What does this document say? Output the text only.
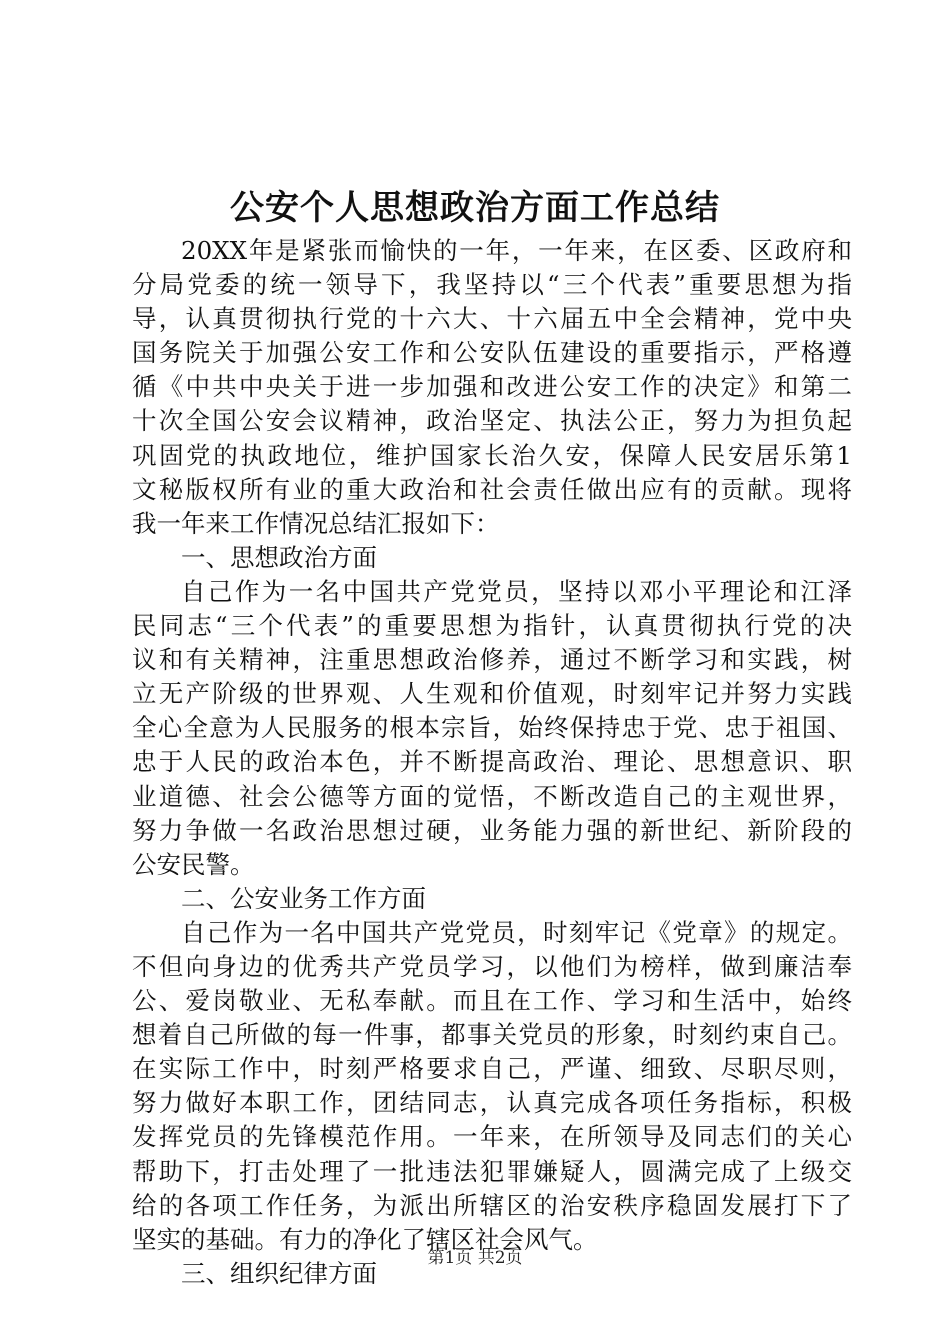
公安个人思想政治方面工作总结
20XX年是紧张而愉快的一年，一年来，在区委、区政府和
分局党委的统一领导下，我坚持以“三个代表”重要思想为指
导，认真贯彻执行党的十六大、十六届五中全会精神，党中央
国务院关于加强公安工作和公安队伍建设的重要指示，严格遵
循《中共中央关于进一步加强和改进公安工作的决定》和第二
十次全国公安会议精神，政治坚定、执法公正，努力为担负起
巩固党的执政地位，维护国家长治久安，保障人民安居乐第1
文秘版权所有业的重大政治和社会责任做出应有的贡献。现将
我一年来工作情况总结汇报如下：
一、思想政治方面
自己作为一名中国共产党党员，坚持以邓小平理论和江泽
民同志“三个代表”的重要思想为指针，认真贯彻执行党的决
议和有关精神，注重思想政治修养，通过不断学习和实践，树
立无产阶级的世界观、人生观和价值观，时刻牢记并努力实践
全心全意为人民服务的根本宗旨，始终保持忠于党、忠于祖国、
忠于人民的政治本色，并不断提高政治、理论、思想意识、职
业道德、社会公德等方面的觉悟，不断改造自己的主观世界，
努力争做一名政治思想过硬，业务能力强的新世纪、新阶段的
公安民警。
二、公安业务工作方面
自己作为一名中国共产党党员，时刻牢记《党章》的规定。
不但向身边的优秀共产党员学习，以他们为榜样，做到廉洁奉
公、爱岗敬业、无私奉献。而且在工作、学习和生活中，始终
想着自己所做的每一件事，都事关党员的形象，时刻约束自己。
在实际工作中，时刻严格要求自己，严谨、细致、尽职尽则，
努力做好本职工作，团结同志，认真完成各项任务指标，积极
发挥党员的先锋模范作用。一年来，在所领导及同志们的关心
帮助下，打击处理了一批违法犯罪嫌疑人，圆满完成了上级交
给的各项工作任务，为派出所辖区的治安秩序稳固发展打下了
坚实的基础。有力的净化了辖区社会风气。
三、组织纪律方面
第1页 共2页
